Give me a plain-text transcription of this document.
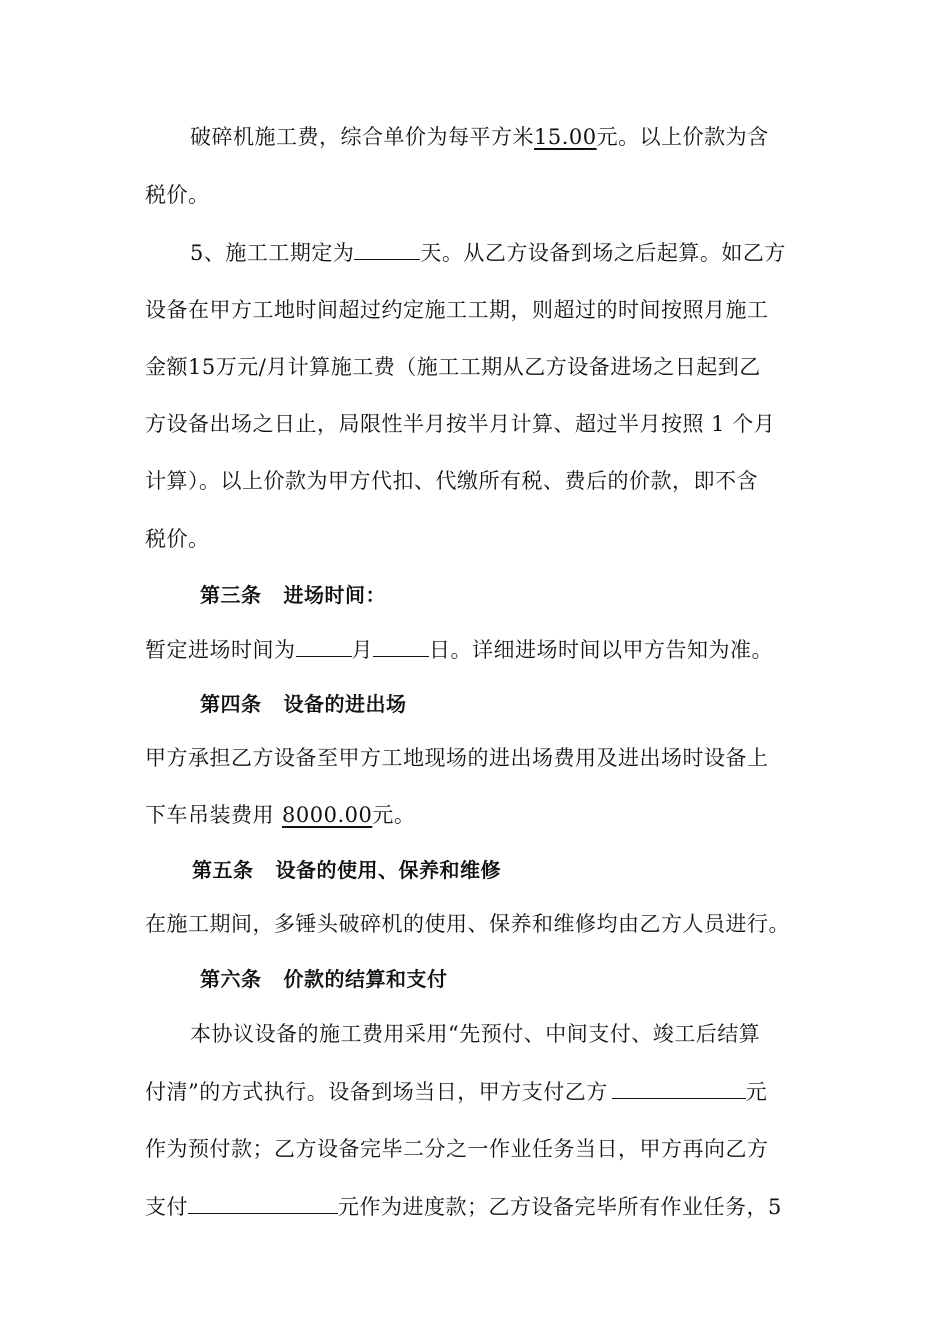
破碎机施工费，综合单价为每平方米15.00元。以上价款为含
税价。
5、施工工期定为	天。从乙方设备到场之后起算。如乙方
设备在甲方工地时间超过约定施工工期，则超过的时间按照月施工
金额15万元/月计算施工费（施工工期从乙方设备进场之日起到乙
方设备出场之日止，局限性半月按半月计算、超过半月按照 1 个月
计算）。以上价款为甲方代扣、代缴所有税、费后的价款，即不含
税价。
第三条 进场时间：
暂定进场时间为	月	日。详细进场时间以甲方告知为准。
第四条 设备的进出场
甲方承担乙方设备至甲方工地现场的进出场费用及进出场时设备上
下车吊装费用 8000.00元。
第五条 设备的使用、保养和维修
在施工期间，多锤头破碎机的使用、保养和维修均由乙方人员进行。
第六条 价款的结算和支付
本协议设备的施工费用采用“先预付、中间支付、竣工后结算
付清”的方式执行。设备到场当日，甲方支付乙方	元
作为预付款；乙方设备完毕二分之一作业任务当日，甲方再向乙方
支付	元作为进度款；乙方设备完毕所有作业任务，5
